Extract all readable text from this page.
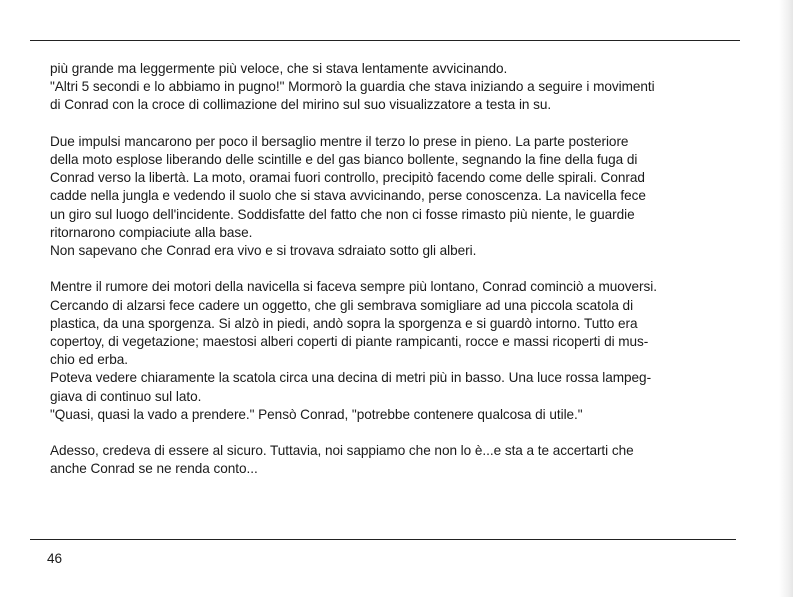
più grande ma leggermente più veloce, che si stava lentamente avvicinando.
"Altri 5 secondi e lo abbiamo in pugno!" Mormorò la guardia che stava iniziando a seguire i movimenti
di Conrad con la croce di collimazione del mirino sul suo visualizzatore a testa in su.
Due impulsi mancarono per poco il bersaglio mentre il terzo lo prese in pieno. La parte posteriore
della moto esplose liberando delle scintille e del gas bianco bollente, segnando la fine della fuga di
Conrad verso la libertà. La moto, oramai fuori controllo, precipitò facendo come delle spirali. Conrad
cadde nella jungla e vedendo il suolo che si stava avvicinando, perse conoscenza. La navicella fece
un giro sul luogo dell'incidente. Soddisfatte del fatto che non ci fosse rimasto più niente, le guardie
ritornarono compiaciute alla base.
Non sapevano che Conrad era vivo e si trovava sdraiato sotto gli alberi.
Mentre il rumore dei motori della navicella si faceva sempre più lontano, Conrad cominciò a muoversi.
Cercando di alzarsi fece cadere un oggetto, che gli sembrava somigliare ad una piccola scatola di
plastica, da una sporgenza. Si alzò in piedi, andò sopra la sporgenza e si guardò intorno. Tutto era
copertoy, di vegetazione; maestosi alberi coperti di piante rampicanti, rocce e massi ricoperti di mus-
chio ed erba.
Poteva vedere chiaramente la scatola circa una decina di metri più in basso. Una luce rossa lampeg-
giava di continuo sul lato.
"Quasi, quasi la vado a prendere." Pensò Conrad, "potrebbe contenere qualcosa di utile."
Adesso, credeva di essere al sicuro. Tuttavia, noi sappiamo che non lo è...e sta a te accertarti che
anche Conrad se ne renda conto...
46
